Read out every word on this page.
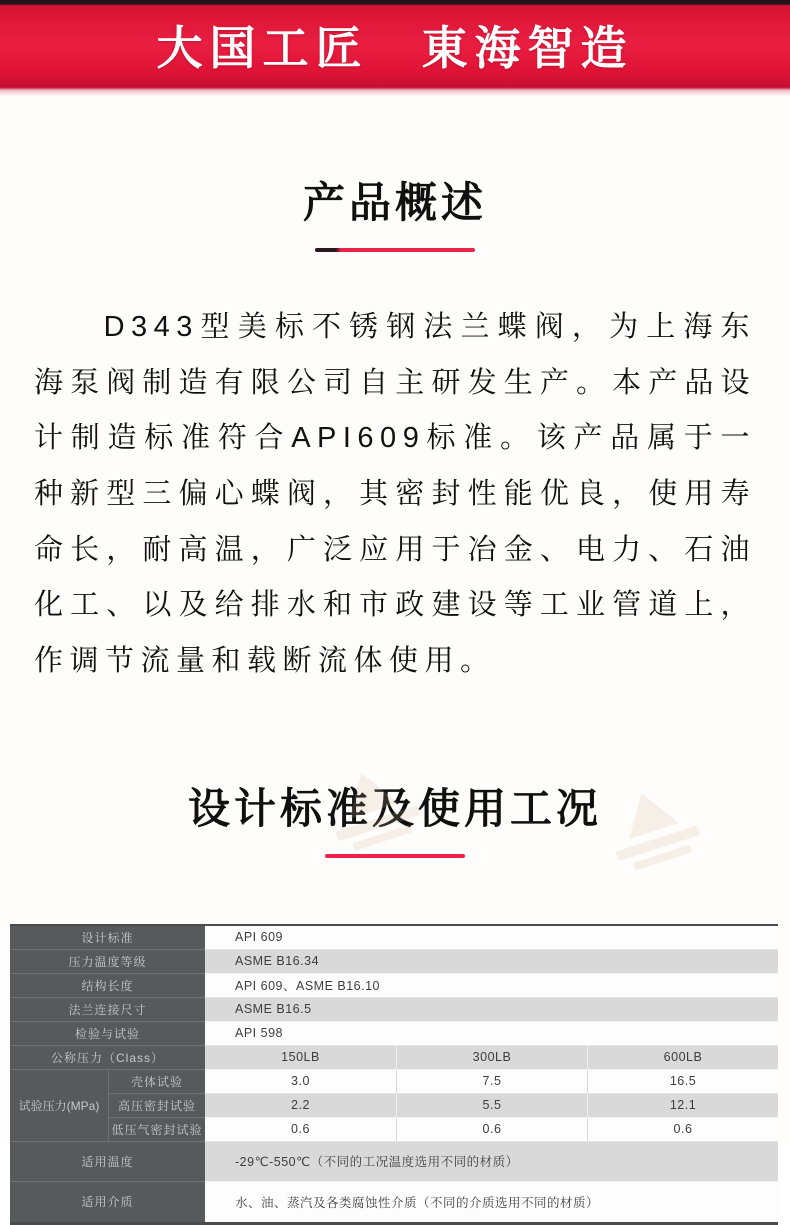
大国工匠　東海智造
产品概述

D343型美标不锈钢法兰蝶阀，为上海东海泵阀制造有限公司自主研发生产。本产品设计制造标准符合API609标准。该产品属于一种新型三偏心蝶阀，其密封性能优良，使用寿命长，耐高温，广泛应用于冶金、电力、石油化工、以及给排水和市政建设等工业管道上，作调节流量和载断流体使用。

设计标准及使用工况
设计标准	API 609
压力温度等级	ASME B16.34
结构长度	API 609、ASME B16.10
法兰连接尺寸	ASME B16.5
检验与试验	API 598
公称压力（Class）	150LB	300LB	600LB
试验压力(MPa)
壳体试验	3.0	7.5	16.5
高压密封试验	2.2	5.5	12.1
低压气密封试验	0.6	0.6	0.6
适用温度	-29℃-550℃（不同的工况温度选用不同的材质）
适用介质	水、油、蒸汽及各类腐蚀性介质（不同的介质选用不同的材质）
